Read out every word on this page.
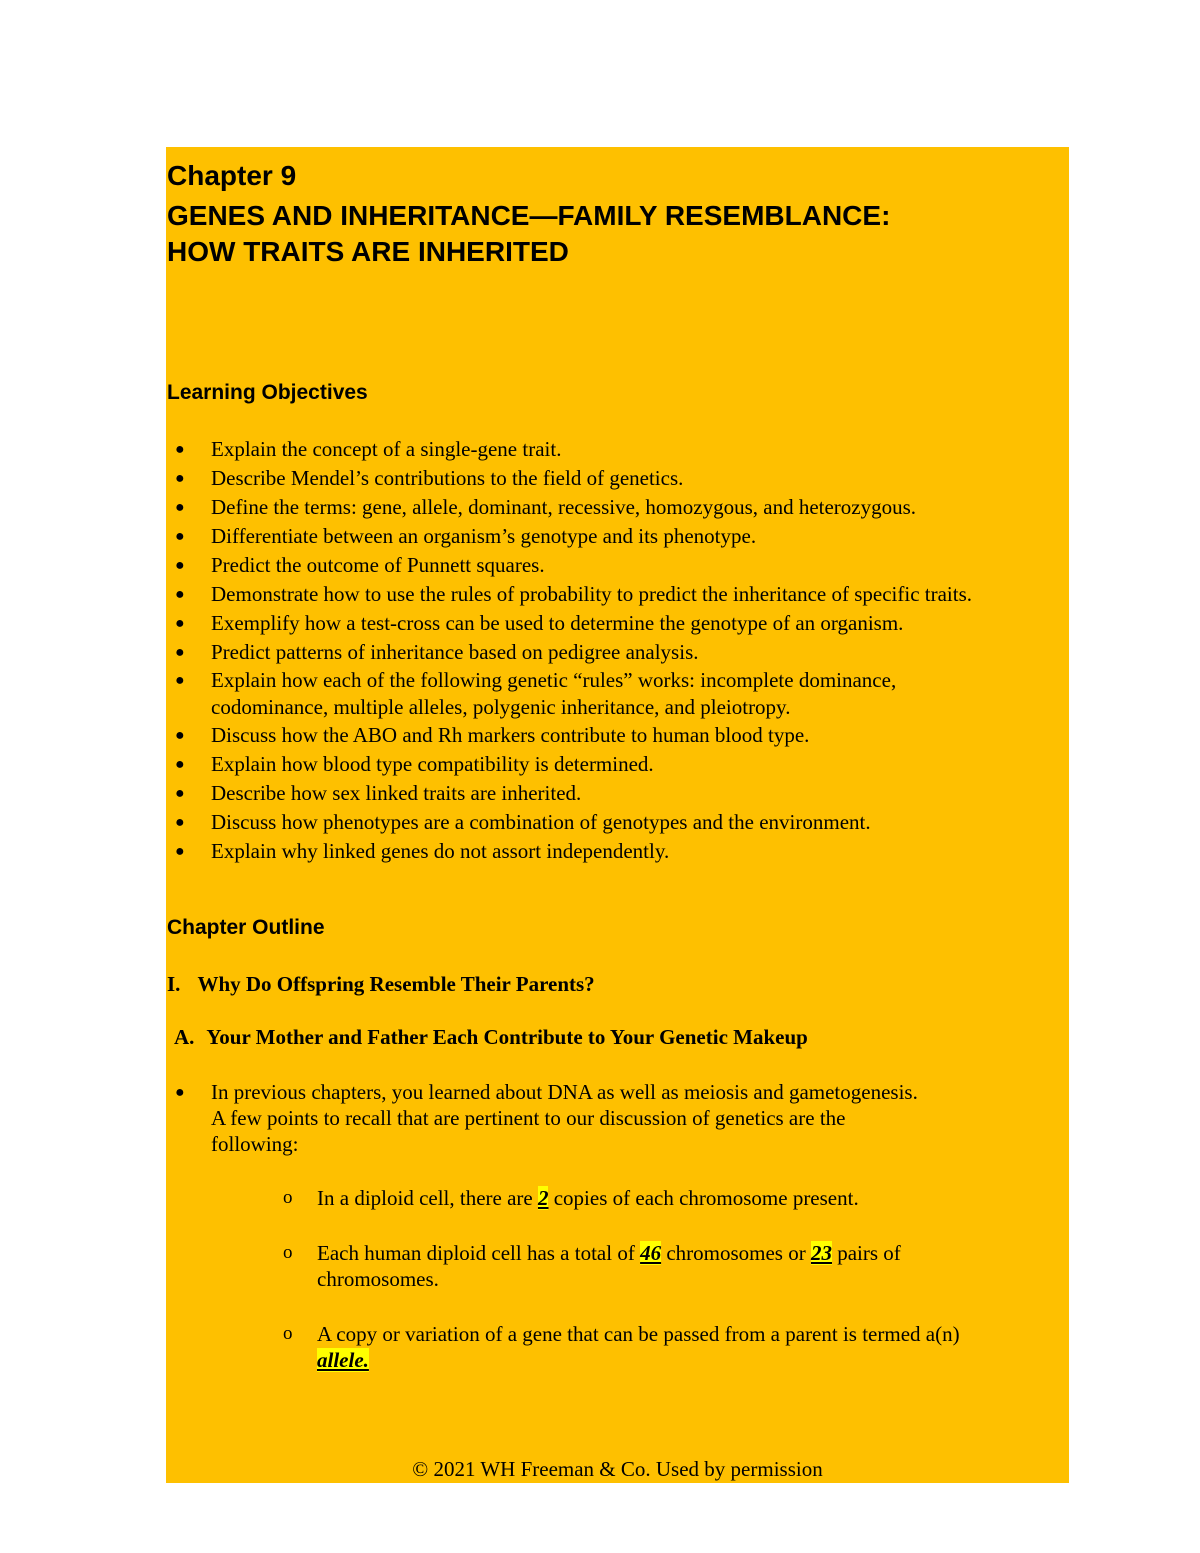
Chapter 9
GENES AND INHERITANCE—FAMILY RESEMBLANCE:
HOW TRAITS ARE INHERITED
Learning Objectives
● Explain the concept of a single-gene trait.
● Describe Mendel’s contributions to the field of genetics.
● Define the terms: gene, allele, dominant, recessive, homozygous, and heterozygous.
● Differentiate between an organism’s genotype and its phenotype.
● Predict the outcome of Punnett squares.
● Demonstrate how to use the rules of probability to predict the inheritance of specific traits.
● Exemplify how a test-cross can be used to determine the genotype of an organism.
● Predict patterns of inheritance based on pedigree analysis.
● Explain how each of the following genetic “rules” works: incomplete dominance,
codominance, multiple alleles, polygenic inheritance, and pleiotropy.
● Discuss how the ABO and Rh markers contribute to human blood type.
● Explain how blood type compatibility is determined.
● Describe how sex linked traits are inherited.
● Discuss how phenotypes are a combination of genotypes and the environment.
● Explain why linked genes do not assort independently.
Chapter Outline
I. Why Do Offspring Resemble Their Parents?
A. Your Mother and Father Each Contribute to Your Genetic Makeup
● In previous chapters, you learned about DNA as well as meiosis and gametogenesis.
A few points to recall that are pertinent to our discussion of genetics are the
following:
o In a diploid cell, there are 2 copies of each chromosome present.
o Each human diploid cell has a total of 46 chromosomes or 23 pairs of
chromosomes.
o A copy or variation of a gene that can be passed from a parent is termed a(n)
allele.
© 2021 WH Freeman & Co. Used by permission
